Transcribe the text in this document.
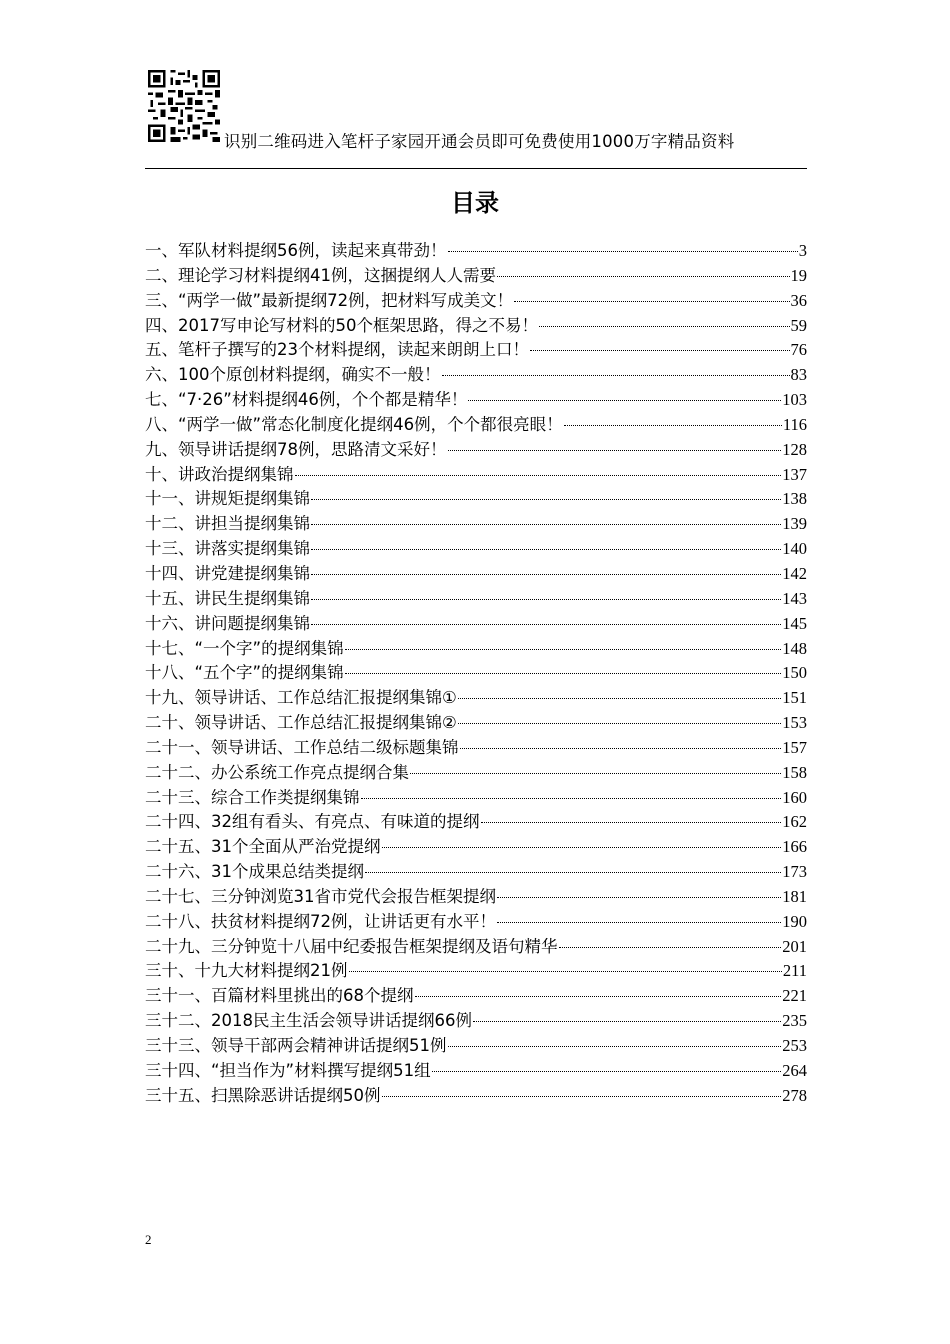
识别二维码进入笔杆子家园开通会员即可免费使用1000万字精品资料
目录
一、军队材料提纲56例，读起来真带劲！	3
二、理论学习材料提纲41例，这捆提纲人人需要	19
三、“两学一做”最新提纲72例，把材料写成美文！	36
四、2017写申论写材料的50个框架思路，得之不易！	59
五、笔杆子撰写的23个材料提纲，读起来朗朗上口！	76
六、100个原创材料提纲，确实不一般！	83
七、“7·26”材料提纲46例，个个都是精华！	103
八、“两学一做”常态化制度化提纲46例，个个都很亮眼！	116
九、领导讲话提纲78例，思路清文采好！	128
十、讲政治提纲集锦	137
十一、讲规矩提纲集锦	138
十二、讲担当提纲集锦	139
十三、讲落实提纲集锦	140
十四、讲党建提纲集锦	142
十五、讲民生提纲集锦	143
十六、讲问题提纲集锦	145
十七、“一个字”的提纲集锦	148
十八、“五个字”的提纲集锦	150
十九、领导讲话、工作总结汇报提纲集锦①	151
二十、领导讲话、工作总结汇报提纲集锦②	153
二十一、领导讲话、工作总结二级标题集锦	157
二十二、办公系统工作亮点提纲合集	158
二十三、综合工作类提纲集锦	160
二十四、32组有看头、有亮点、有味道的提纲	162
二十五、31个全面从严治党提纲	166
二十六、31个成果总结类提纲	173
二十七、三分钟浏览31省市党代会报告框架提纲	181
二十八、扶贫材料提纲72例，让讲话更有水平！	190
二十九、三分钟览十八届中纪委报告框架提纲及语句精华	201
三十、十九大材料提纲21例	211
三十一、百篇材料里挑出的68个提纲	221
三十二、2018民主生活会领导讲话提纲66例	235
三十三、领导干部两会精神讲话提纲51例	253
三十四、“担当作为”材料撰写提纲51组	264
三十五、扫黑除恶讲话提纲50例	278
2
